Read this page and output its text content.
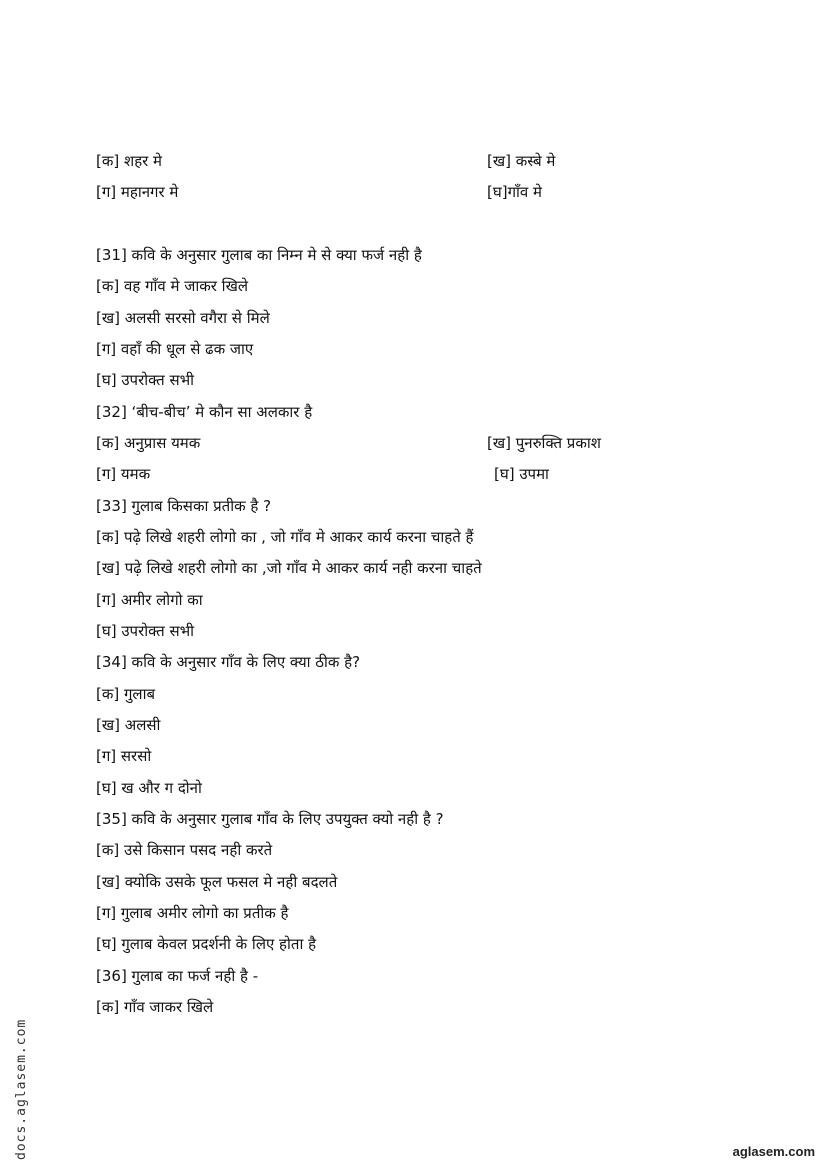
[क] शहर मे	[ख] कस्बे मे
[ग] महानगर मे	[घ]गाँव मे
[31] कवि के अनुसार गुलाब का निम्न मे से क्या फर्ज नही है
[क] वह गाँव मे जाकर खिले
[ख] अलसी सरसो वगैरा से मिले
[ग] वहाँ की धूल से ढक जाए
[घ] उपरोक्त सभी
[32] ‘बीच-बीच’ मे कौन सा अलकार है
[क] अनुप्रास यमक	[ख] पुनरुक्ति प्रकाश
[ग] यमक	[घ] उपमा
[33] गुलाब किसका प्रतीक है ?
[क] पढ़े लिखे शहरी लोगो का , जो गाँव मे आकर कार्य करना चाहते हैं
[ख] पढ़े लिखे शहरी लोगो का ,जो गाँव मे आकर कार्य नही करना चाहते
[ग] अमीर लोगो का
[घ] उपरोक्त सभी
[34] कवि के अनुसार गाँव के लिए क्या ठीक है?
[क] गुलाब
[ख] अलसी
[ग] सरसो
[घ] ख और ग दोनो
[35] कवि के अनुसार गुलाब गाँव के लिए उपयुक्त क्यो नही है ?
[क] उसे किसान पसद नही करते
[ख] क्योकि उसके फूल फसल मे नही बदलते
[ग] गुलाब अमीर लोगो का प्रतीक है
[घ] गुलाब केवल प्रदर्शनी के लिए होता है
[36] गुलाब का फर्ज नही है -
[क] गाँव जाकर खिले
docs.aglasem.com	aglasem.com
